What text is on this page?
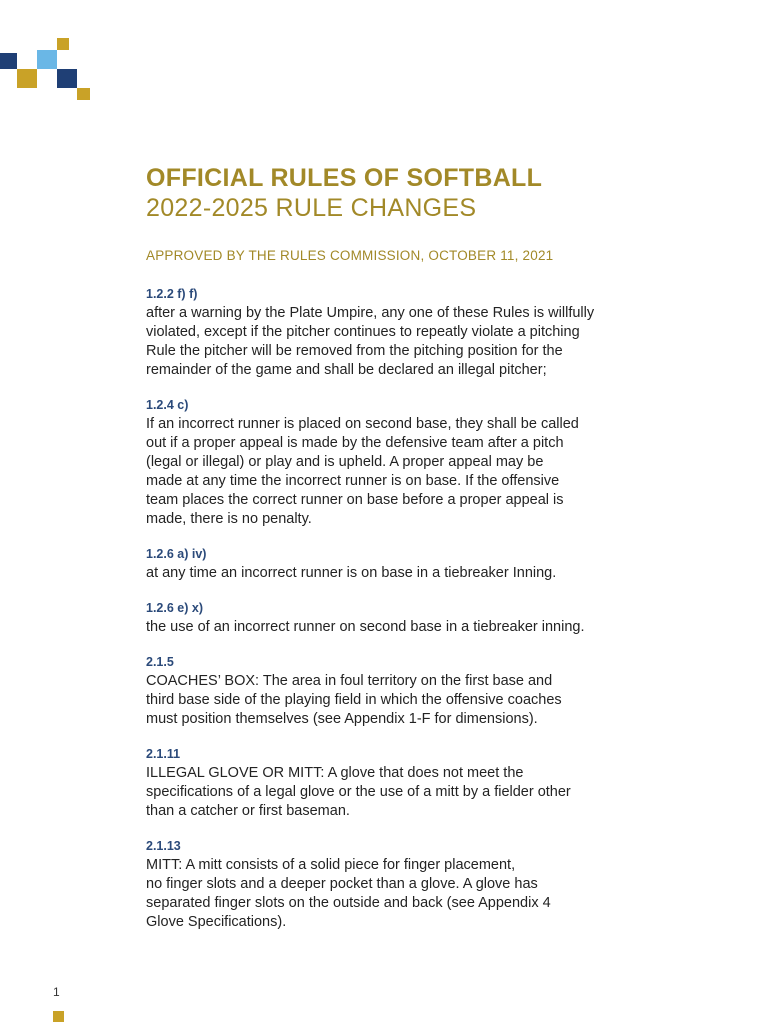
OFFICIAL RULES OF SOFTBALL
2022-2025 RULE CHANGES
APPROVED BY THE RULES COMMISSION, OCTOBER 11, 2021
1.2.2 f) f)
after a warning by the Plate Umpire, any one of these Rules is willfully
violated, except if the pitcher continues to repeatly violate a pitching
Rule the pitcher will be removed from the pitching position for the
remainder of the game and shall be declared an illegal pitcher;
1.2.4 c)
If an incorrect runner is placed on second base, they shall be called
out if a proper appeal is made by the defensive team after a pitch
(legal or illegal) or play and is upheld. A proper appeal may be
made at any time the incorrect runner is on base. If the offensive
team places the correct runner on base before a proper appeal is
made, there is no penalty.
1.2.6 a) iv)
at any time an incorrect runner is on base in a tiebreaker Inning.
1.2.6 e) x)
the use of an incorrect runner on second base in a tiebreaker inning.
2.1.5
COACHES’ BOX: The area in foul territory on the first base and
third base side of the playing field in which the offensive coaches
must position themselves (see Appendix 1-F for dimensions).
2.1.11
ILLEGAL GLOVE OR MITT: A glove that does not meet the
specifications of a legal glove or the use of a mitt by a fielder other
than a catcher or first baseman.
2.1.13
MITT: A mitt consists of a solid piece for finger placement,
no finger slots and a deeper pocket than a glove. A glove has
separated finger slots on the outside and back (see Appendix 4
Glove Specifications).
1
